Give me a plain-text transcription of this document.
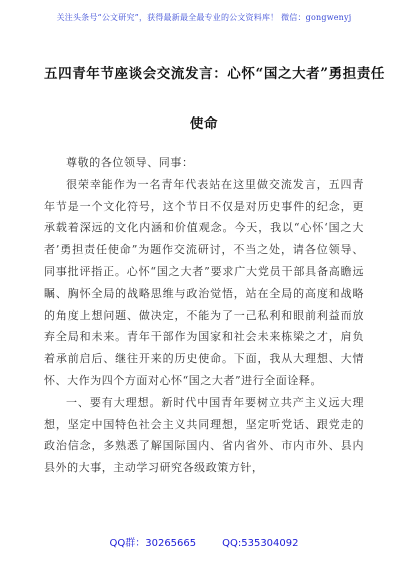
关注头条号“公文研究”，获得最新最全最专业的公文资料库！ 微信：gongwenyj
五四青年节座谈会交流发言：心怀“国之大者”勇担责任
使命

尊敬的各位领导、同事：

很荣幸能作为一名青年代表站在这里做交流发言，五四青年节是一个文化符号，这个节日不仅是对历史事件的纪念，更承载着深远的文化内涵和价值观念。今天，我以“心怀‘国之大者’勇担责任使命”为题作交流研讨，不当之处，请各位领导、同事批评指正。心怀“国之大者”要求广大党员干部具备高瞻远瞩、胸怀全局的战略思维与政治觉悟，站在全局的高度和战略的角度上想问题、做决定，不能为了一己私利和眼前利益而放弃全局和未来。青年干部作为国家和社会未来栋梁之才，肩负着承前启后、继往开来的历史使命。下面，我从大理想、大情怀、大作为四个方面对心怀“国之大者”进行全面诠释。

一、要有大理想。新时代中国青年要树立共产主义远大理想，坚定中国特色社会主义共同理想，坚定听党话、跟党走的政治信念，多熟悉了解国际国内、省内省外、市内市外、县内县外的大事，主动学习研究各级政策方针，

QQ群：30265665	QQ:535304092
